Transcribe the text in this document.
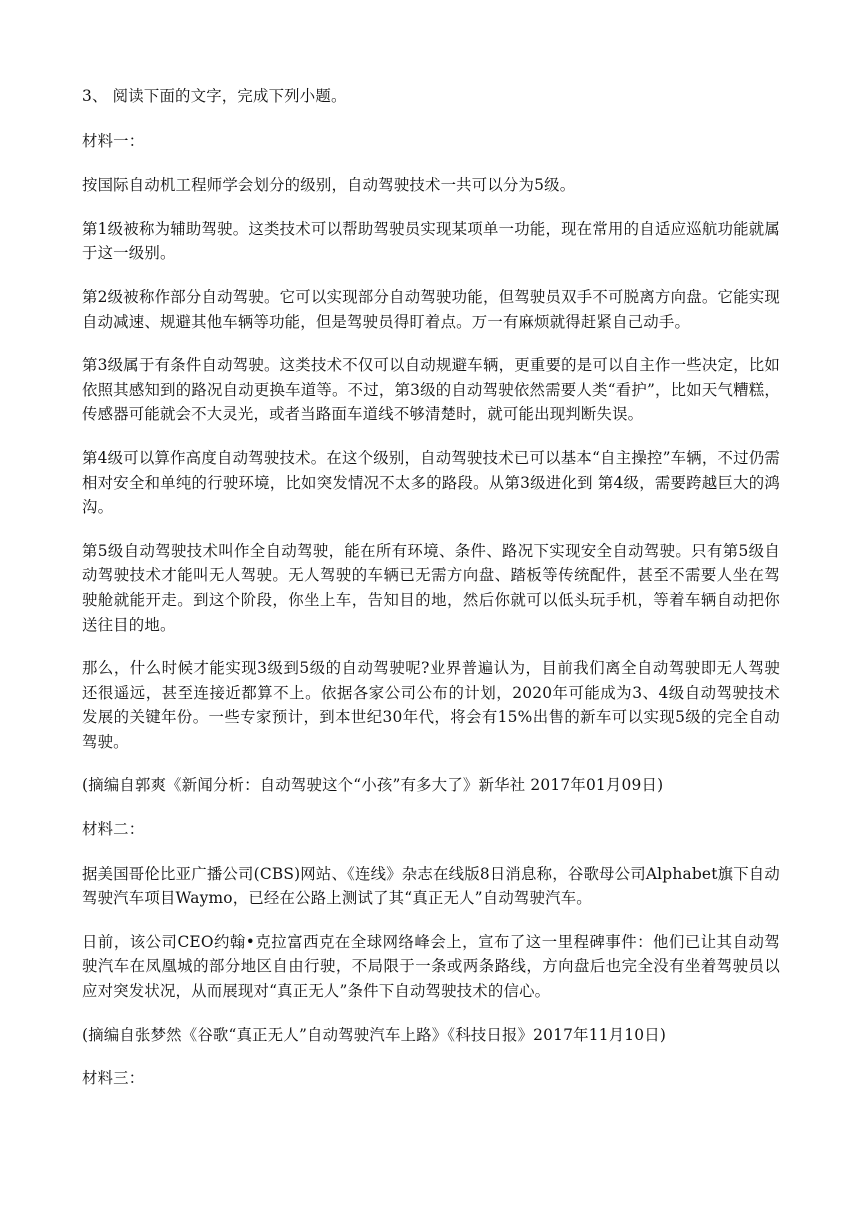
3、 阅读下面的文字，完成下列小题。

材料一：

按国际自动机工程师学会划分的级别，自动驾驶技术一共可以分为5级。

第1级被称为辅助驾驶。这类技术可以帮助驾驶员实现某项单一功能，现在常用的自适应巡航功能就属于这一级别。

第2级被称作部分自动驾驶。它可以实现部分自动驾驶功能，但驾驶员双手不可脱离方向盘。它能实现自动减速、规避其他车辆等功能，但是驾驶员得盯着点。万一有麻烦就得赶紧自己动手。

第3级属于有条件自动驾驶。这类技术不仅可以自动规避车辆，更重要的是可以自主作一些决定，比如依照其感知到的路况自动更换车道等。不过，第3级的自动驾驶依然需要人类“看护”，比如天气糟糕，传感器可能就会不大灵光，或者当路面车道线不够清楚时，就可能出现判断失误。

第4级可以算作高度自动驾驶技术。在这个级别，自动驾驶技术已可以基本“自主操控”车辆，不过仍需相对安全和单纯的行驶环境，比如突发情况不太多的路段。从第3级进化到 第4级，需要跨越巨大的鸿沟。

第5级自动驾驶技术叫作全自动驾驶，能在所有环境、条件、路况下实现安全自动驾驶。只有第5级自动驾驶技术才能叫无人驾驶。无人驾驶的车辆已无需方向盘、踏板等传统配件，甚至不需要人坐在驾驶舱就能开走。到这个阶段，你坐上车，告知目的地，然后你就可以低头玩手机，等着车辆自动把你送往目的地。

那么，什么时候才能实现3级到5级的自动驾驶呢?业界普遍认为，目前我们离全自动驾驶即无人驾驶还很遥远，甚至连接近都算不上。依据各家公司公布的计划，2020年可能成为3、4级自动驾驶技术发展的关键年份。一些专家预计，到本世纪30年代，将会有15%出售的新车可以实现5级的完全自动驾驶。

(摘编自郭爽《新闻分析：自动驾驶这个“小孩”有多大了》新华社 2017年01月09日)

材料二：

据美国哥伦比亚广播公司(CBS)网站、《连线》杂志在线版8日消息称，谷歌母公司Alphabet旗下自动驾驶汽车项目Waymo，已经在公路上测试了其“真正无人”自动驾驶汽车。

日前，该公司CEO约翰•克拉富西克在全球网络峰会上，宣布了这一里程碑事件：他们已让其自动驾驶汽车在凤凰城的部分地区自由行驶，不局限于一条或两条路线，方向盘后也完全没有坐着驾驶员以应对突发状况，从而展现对“真正无人”条件下自动驾驶技术的信心。

(摘编自张梦然《谷歌“真正无人”自动驾驶汽车上路》《科技日报》2017年11月10日)

材料三：
